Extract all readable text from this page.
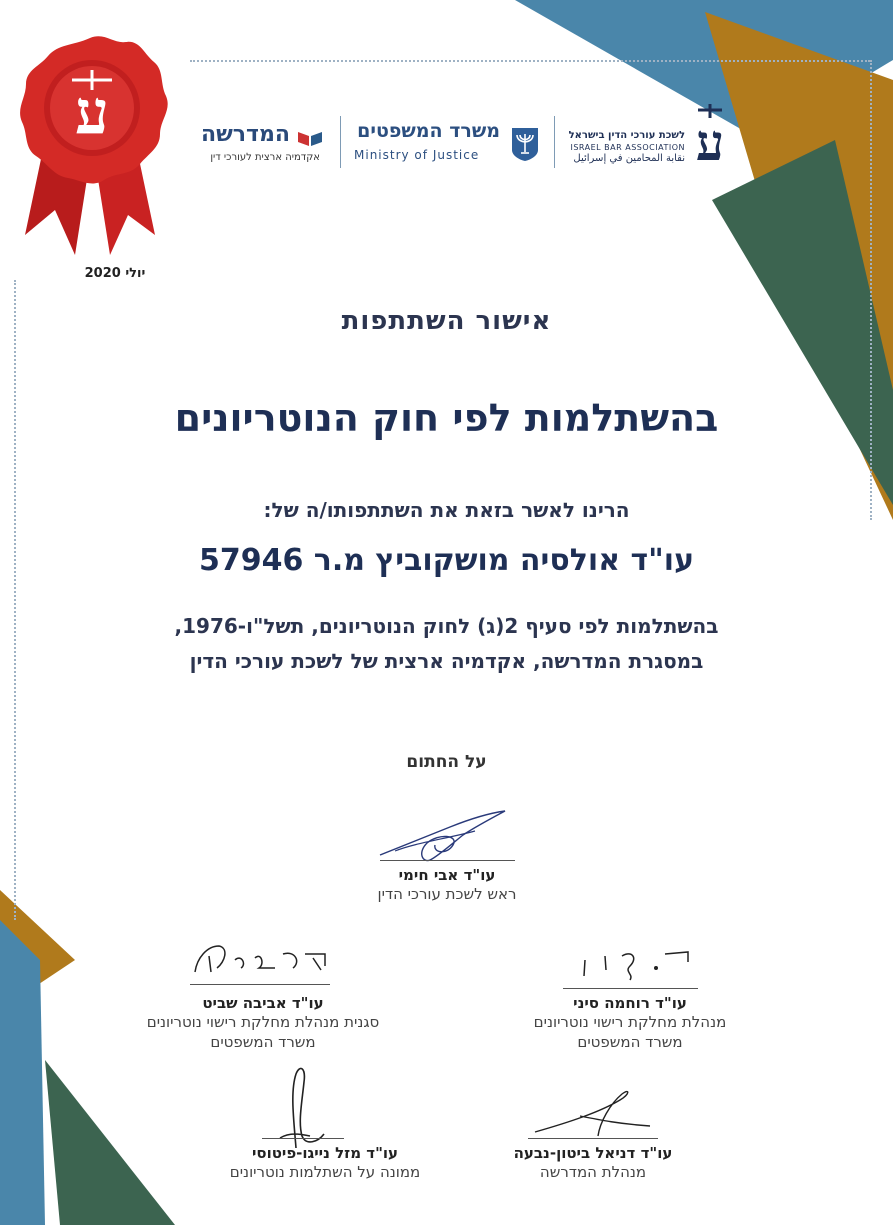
ע
יולי 2020
המדרשה
אקדמיה ארצית לעורכי דין
משרד המשפטים
Ministry of Justice	ע
לשכת עורכי הדין בישראל
ISRAEL BAR ASSOCIATION
نقابة المحامين في إسرائيل
אישור השתתפות
בהשתלמות לפי חוק הנוטריונים
הרינו לאשר בזאת את השתתפותו/ה של:
עו"ד אולסיה מושקוביץ מ.ר 57946
בהשתלמות לפי סעיף 2(ג) לחוק הנוטריונים, תשל"ו-1976,
במסגרת המדרשה, אקדמיה ארצית של לשכת עורכי הדין
על החתום
עו"ד אבי חימי
ראש לשכת עורכי הדין
עו"ד רוחמה סיני
מנהלת מחלקת רישוי נוטריונים
משרד המשפטים
עו"ד אביבה שביט
סגנית מנהלת מחלקת רישוי נוטריונים
משרד המשפטים
עו"ד דניאל ביטון-נבעה
מנהלת המדרשה
עו"ד מזל נייגו-פיטוסי
ממונה על השתלמות נוטריונים
